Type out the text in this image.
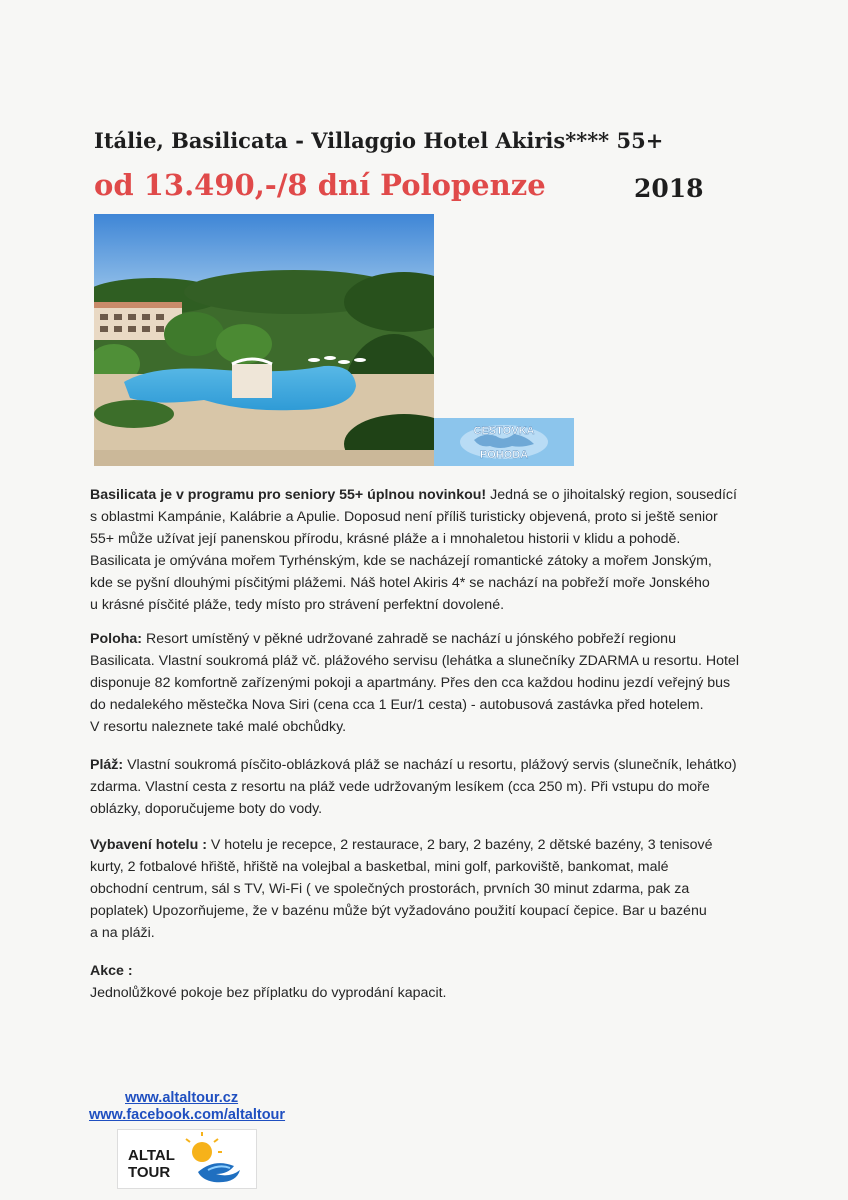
Itálie, Basilicata - Villaggio Hotel Akiris**** 55+
od 13.490,-/8 dní Polopenze	2018
CESTOVKA
POHODA

Basilicata je v programu pro seniory 55+ úplnou novinkou! Jedná se o jihoitalský region, sousedící

s oblastmi Kampánie, Kalábrie a Apulie. Doposud není příliš turisticky objevená, proto si ještě senior

55+ může užívat její panenskou přírodu, krásné pláže a i mnohaletou historii v klidu a pohodě.

Basilicata je omývána mořem Tyrhénským, kde se nacházejí romantické zátoky a mořem Jonským,

kde se pyšní dlouhými písčitými plážemi. Náš hotel Akiris 4* se nachází na pobřeží moře Jonského

u krásné písčité pláže, tedy místo pro strávení perfektní dovolené.

Poloha: Resort umístěný v pěkné udržované zahradě se nachází u jónského pobřeží regionu

Basilicata. Vlastní soukromá pláž vč. plážového servisu (lehátka a slunečníky ZDARMA u resortu. Hotel

disponuje 82 komfortně zařízenými pokoji a apartmány. Přes den cca každou hodinu jezdí veřejný bus

do nedalekého městečka Nova Siri (cena cca 1 Eur/1 cesta) - autobusová zastávka před hotelem.

V resortu naleznete také malé obchůdky.

Pláž: Vlastní soukromá písčito-oblázková pláž se nachází u resortu, plážový servis (slunečník, lehátko)

zdarma. Vlastní cesta z resortu na pláž vede udržovaným lesíkem (cca 250 m). Při vstupu do moře

oblázky, doporučujeme boty do vody.

Vybavení hotelu : V hotelu je recepce, 2 restaurace, 2 bary, 2 bazény, 2 dětské bazény, 3 tenisové

kurty, 2 fotbalové hřiště, hřiště na volejbal a basketbal, mini golf, parkoviště, bankomat, malé

obchodní centrum, sál s TV, Wi-Fi ( ve společných prostorách, prvních 30 minut zdarma, pak za

poplatek) Upozorňujeme, že v bazénu může být vyžadováno použití koupací čepice. Bar u bazénu

a na pláži.

Akce :

Jednolůžkové pokoje bez příplatku do vyprodání kapacit.

www.altaltour.cz
www.facebook.com/altaltour
ALTAL
TOUR
